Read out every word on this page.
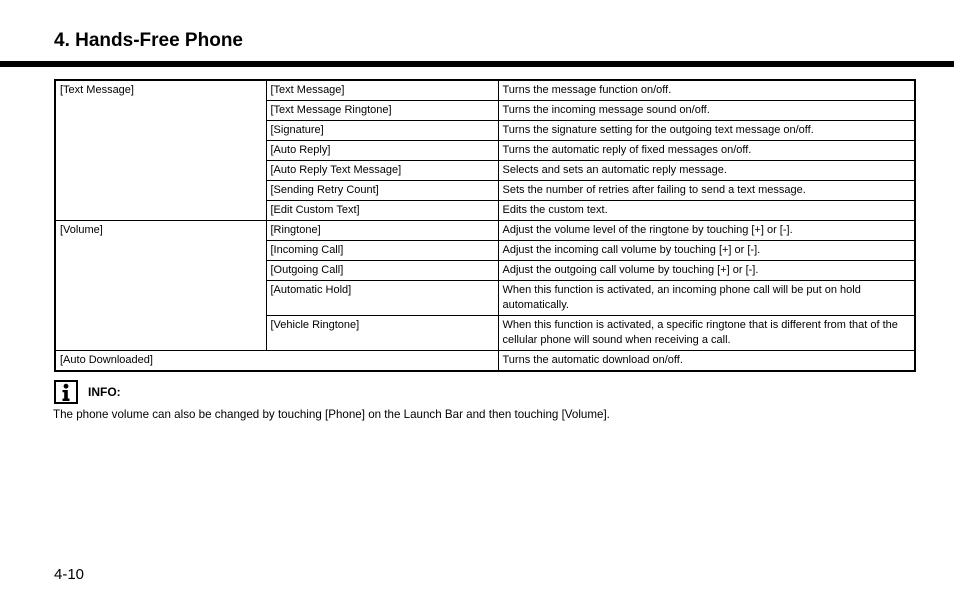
4. Hands-Free Phone
[Text Message]	[Text Message]	Turns the message function on/off.
	[Text Message Ringtone]	Turns the incoming message sound on/off.
	[Signature]	Turns the signature setting for the outgoing text message on/off.
	[Auto Reply]	Turns the automatic reply of fixed messages on/off.
	[Auto Reply Text Message]	Selects and sets an automatic reply message.
	[Sending Retry Count]	Sets the number of retries after failing to send a text message.
	[Edit Custom Text]	Edits the custom text.
[Volume]	[Ringtone]	Adjust the volume level of the ringtone by touching [+] or [-].
	[Incoming Call]	Adjust the incoming call volume by touching [+] or [-].
	[Outgoing Call]	Adjust the outgoing call volume by touching [+] or [-].
	[Automatic Hold]	When this function is activated, an incoming phone call will be put on hold automatically.
	[Vehicle Ringtone]	When this function is activated, a specific ringtone that is different from that of the cellular phone will sound when receiving a call.
[Auto Downloaded]		Turns the automatic download on/off.
INFO:
The phone volume can also be changed by touching [Phone] on the Launch Bar and then touching [Volume].
4-10
